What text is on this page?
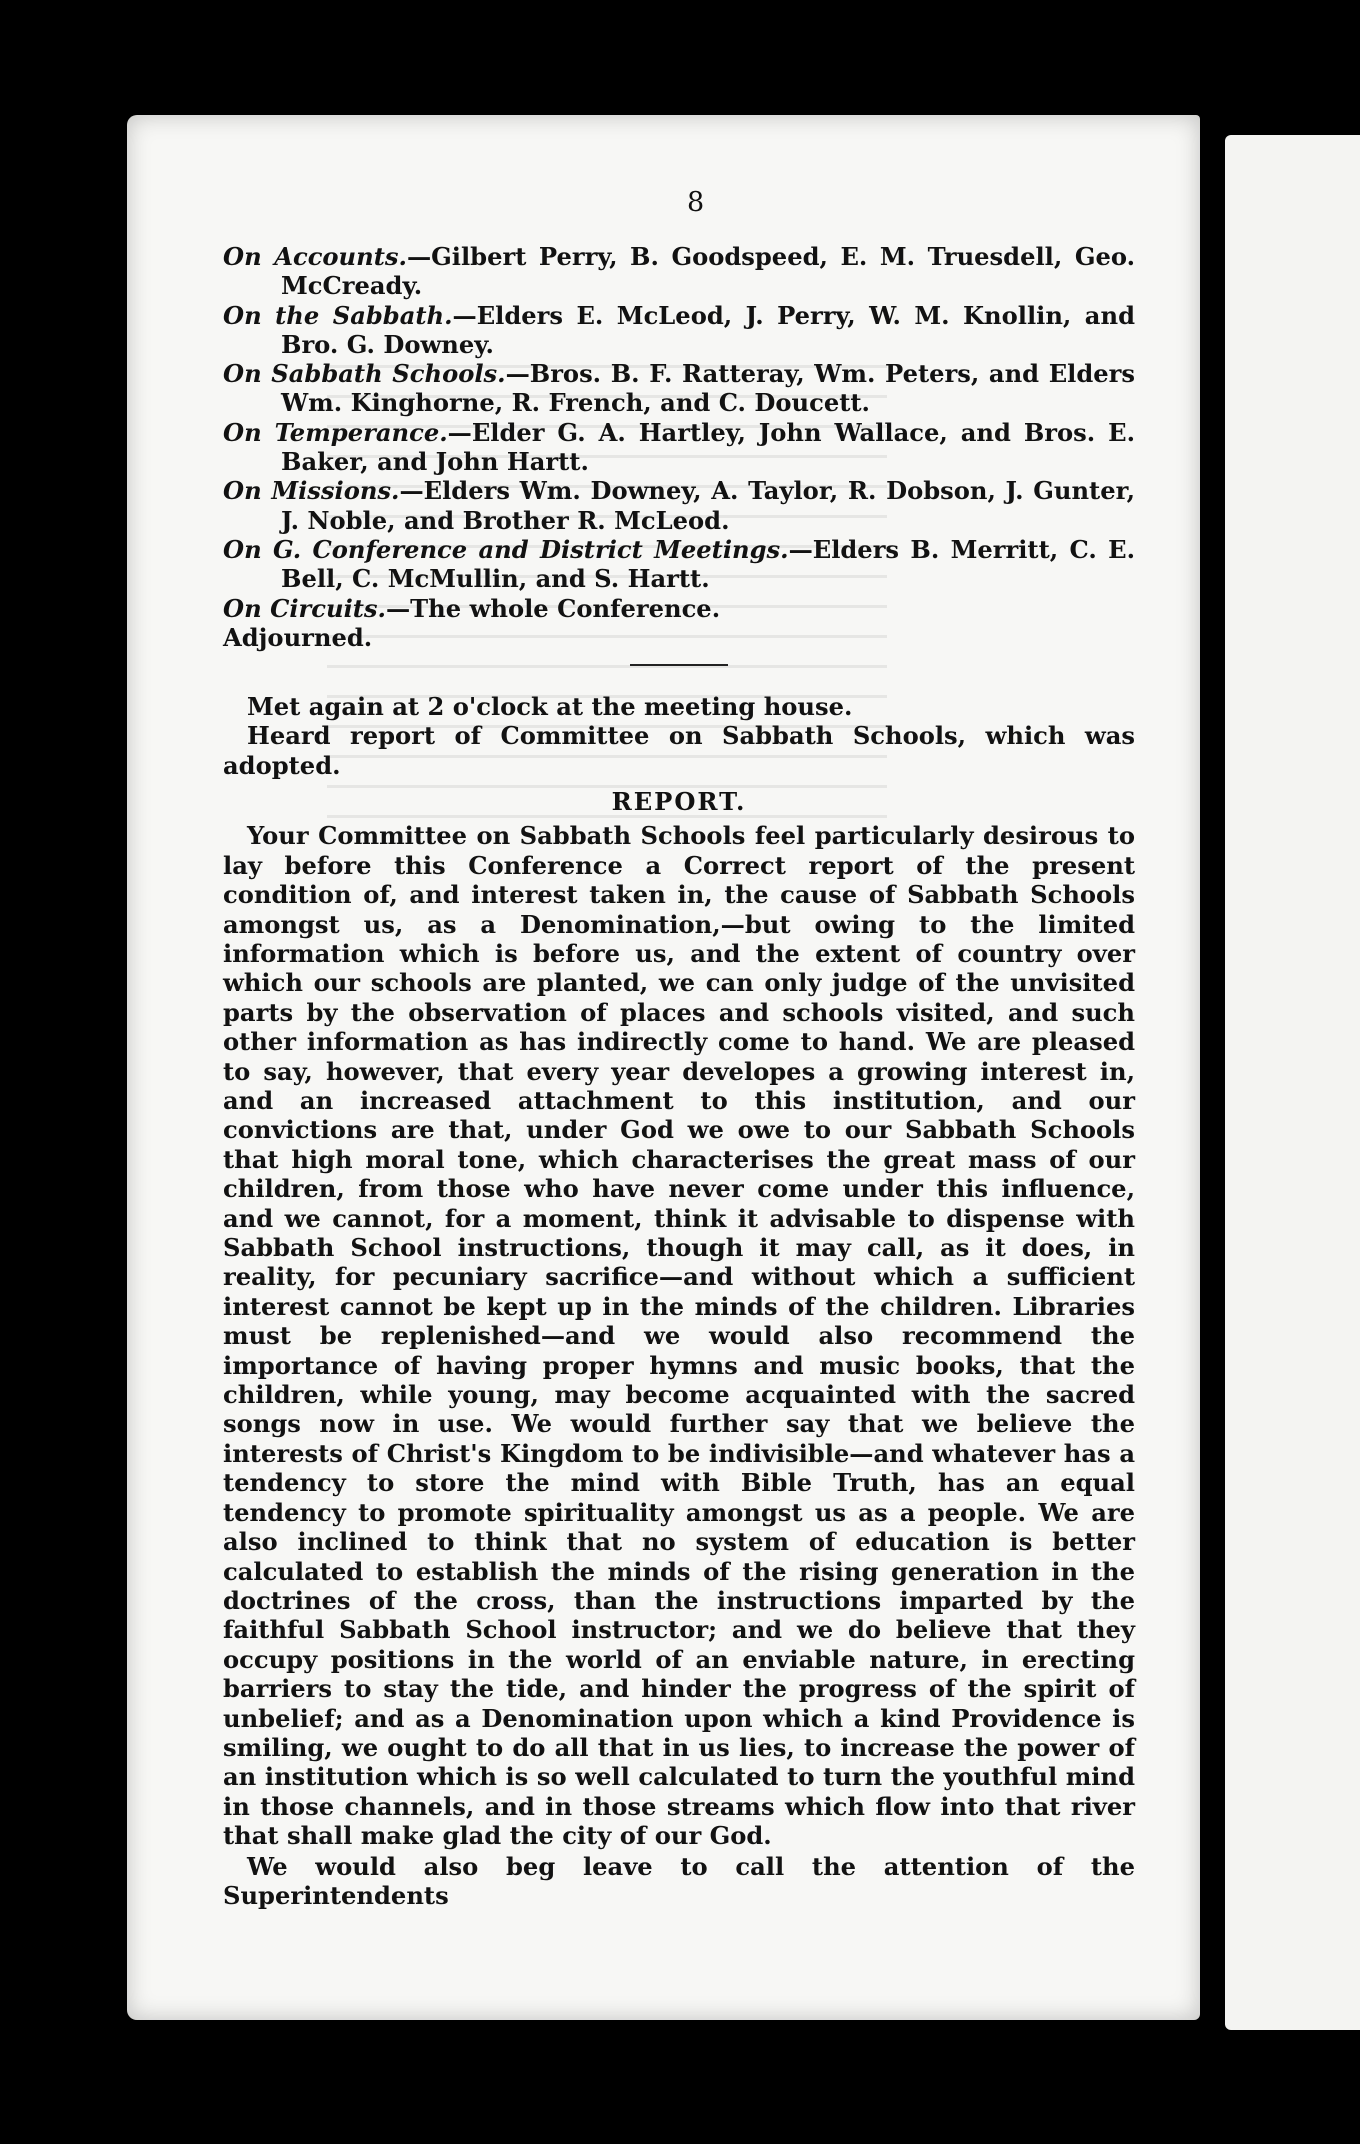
8

On Accounts.—Gilbert Perry, B. Goodspeed, E. M. Truesdell, Geo. McCready.

On the Sabbath.—Elders E. McLeod, J. Perry, W. M. Knollin, and Bro. G. Downey.

On Sabbath Schools.—Bros. B. F. Ratteray, Wm. Peters, and Elders Wm. Kinghorne, R. French, and C. Doucett.

On Temperance.—Elder G. A. Hartley, John Wallace, and Bros. E. Baker, and John Hartt.

On Missions.—Elders Wm. Downey, A. Taylor, R. Dobson, J. Gunter, J. Noble, and Brother R. McLeod.

On G. Conference and District Meetings.—Elders B. Merritt, C. E. Bell, C. McMullin, and S. Hartt.

On Circuits.—The whole Conference.

Adjourned.

Met again at 2 o'clock at the meeting house.

Heard report of Committee on Sabbath Schools, which was adopted.

REPORT.

Your Committee on Sabbath Schools feel particularly desirous to lay before this Conference a Correct report of the present condition of, and interest taken in, the cause of Sabbath Schools amongst us, as a Denomination,—but owing to the limited information which is before us, and the extent of country over which our schools are planted, we can only judge of the unvisited parts by the observation of places and schools visited, and such other information as has indirectly come to hand. We are pleased to say, however, that every year developes a growing interest in, and an increased attachment to this institution, and our convictions are that, under God we owe to our Sabbath Schools that high moral tone, which characterises the great mass of our children, from those who have never come under this influence, and we cannot, for a moment, think it advisable to dispense with Sabbath School instructions, though it may call, as it does, in reality, for pecuniary sacrifice—and without which a sufficient interest cannot be kept up in the minds of the children. Libraries must be replenished—and we would also recommend the importance of having proper hymns and music books, that the children, while young, may become acquainted with the sacred songs now in use. We would further say that we believe the interests of Christ's Kingdom to be indivisible—and whatever has a tendency to store the mind with Bible Truth, has an equal tendency to promote spirituality amongst us as a people. We are also inclined to think that no system of education is better calculated to establish the minds of the rising generation in the doctrines of the cross, than the instructions imparted by the faithful Sabbath School instructor; and we do believe that they occupy positions in the world of an enviable nature, in erecting barriers to stay the tide, and hinder the progress of the spirit of unbelief; and as a Denomination upon which a kind Providence is smiling, we ought to do all that in us lies, to increase the power of an institution which is so well calculated to turn the youthful mind in those channels, and in those streams which flow into that river that shall make glad the city of our God.

We would also beg leave to call the attention of the Superintendents
